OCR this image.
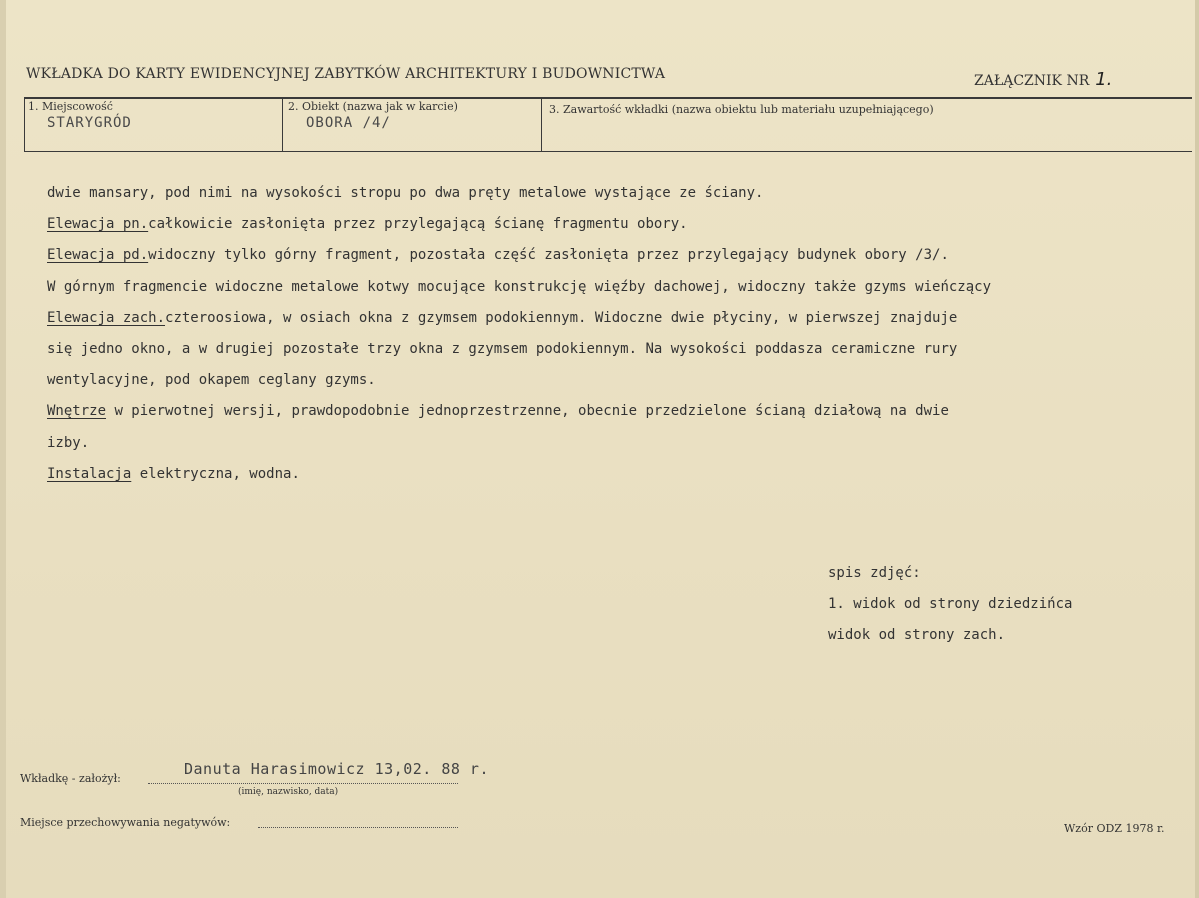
WKŁADKA DO KARTY EWIDENCYJNEJ ZABYTKÓW ARCHITEKTURY I BUDOWNICTWA	ZAŁĄCZNIK NR 1.
1. Miejscowość
STARYGRÓD
2. Obiekt (nazwa jak w karcie)
OBORA /4/
3. Zawartość wkładki (nazwa obiektu lub materiału uzupełniającego)
dwie mansary, pod nimi na wysokości stropu po dwa pręty metalowe wystające ze ściany.
Elewacja pn.całkowicie zasłonięta przez przylegającą ścianę fragmentu obory.
Elewacja pd.widoczny tylko górny fragment, pozostała część zasłonięta przez przylegający budynek obory /3/.
W górnym fragmencie widoczne metalowe kotwy mocujące konstrukcję więźby dachowej, widoczny także gzyms wieńczący
Elewacja zach.czteroosiowa, w osiach okna z gzymsem podokiennym. Widoczne dwie płyciny, w pierwszej znajduje
się jedno okno, a w drugiej pozostałe trzy okna z gzymsem podokiennym. Na wysokości poddasza ceramiczne rury
wentylacyjne, pod okapem ceglany gzyms.
Wnętrze w pierwotnej wersji, prawdopodobnie jednoprzestrzenne, obecnie przedzielone ścianą działową na dwie
izby.
Instalacja elektryczna, wodna.
spis zdjęć:
1. widok od strony dziedzińca
widok od strony zach.
Wkładkę - założył:
Danuta Harasimowicz 13,02. 88 r.
(imię, nazwisko, data)
Miejsce przechowywania negatywów:	Wzór ODZ 1978 r.
